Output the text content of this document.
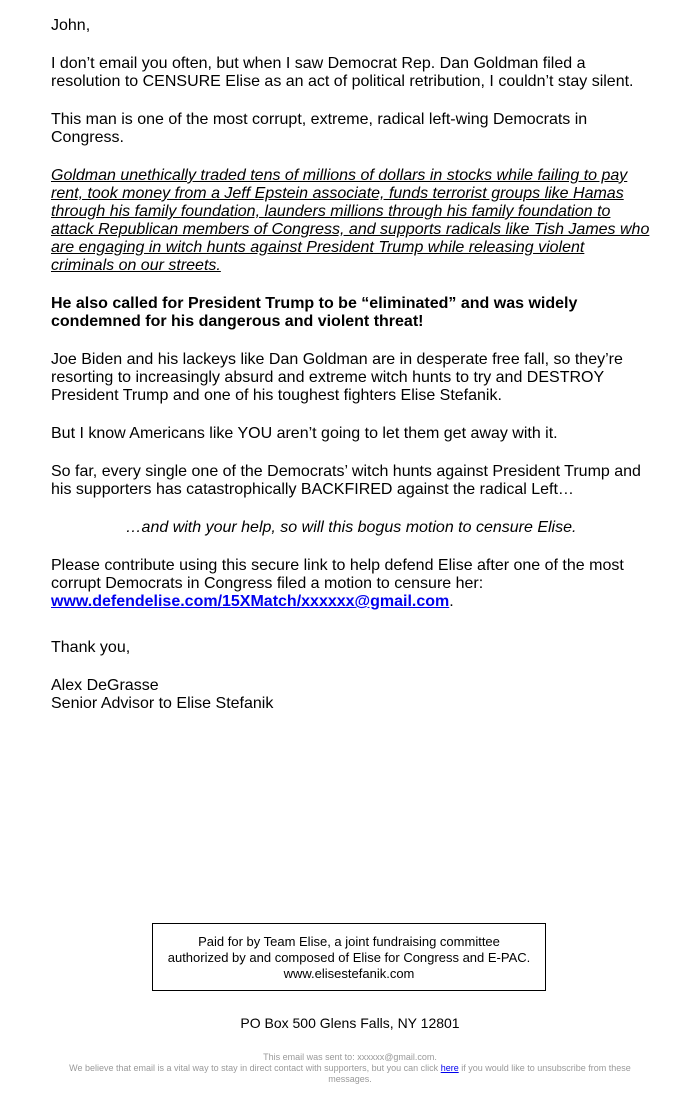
John,

I don’t email you often, but when I saw Democrat Rep. Dan Goldman filed a resolution to CENSURE Elise as an act of political retribution, I couldn’t stay silent.

This man is one of the most corrupt, extreme, radical left-wing Democrats in Congress.

Goldman unethically traded tens of millions of dollars in stocks while failing to pay rent, took money from a Jeff Epstein associate, funds terrorist groups like Hamas through his family foundation, launders millions through his family foundation to attack Republican members of Congress, and supports radicals like Tish James who are engaging in witch hunts against President Trump while releasing violent criminals on our streets.

He also called for President Trump to be “eliminated” and was widely condemned for his dangerous and violent threat!

Joe Biden and his lackeys like Dan Goldman are in desperate free fall, so they’re resorting to increasingly absurd and extreme witch hunts to try and DESTROY President Trump and one of his toughest fighters Elise Stefanik.

But I know Americans like YOU aren’t going to let them get away with it.

So far, every single one of the Democrats’ witch hunts against President Trump and his supporters has catastrophically BACKFIRED against the radical Left…

…and with your help, so will this bogus motion to censure Elise.

Please contribute using this secure link to help defend Elise after one of the most corrupt Democrats in Congress filed a motion to censure her:
www.defendelise.com/15XMatch/xxxxxx@gmail.com.

Thank you,

Alex DeGrasse

Senior Advisor to Elise Stefanik

Paid for by Team Elise, a joint fundraising committee authorized by and composed of Elise for Congress and E-PAC. www.elisestefanik.com
PO Box 500 Glens Falls, NY 12801
This email was sent to: xxxxxx@gmail.com.
We believe that email is a vital way to stay in direct contact with supporters, but you can click here if you would like to unsubscribe from these messages.
